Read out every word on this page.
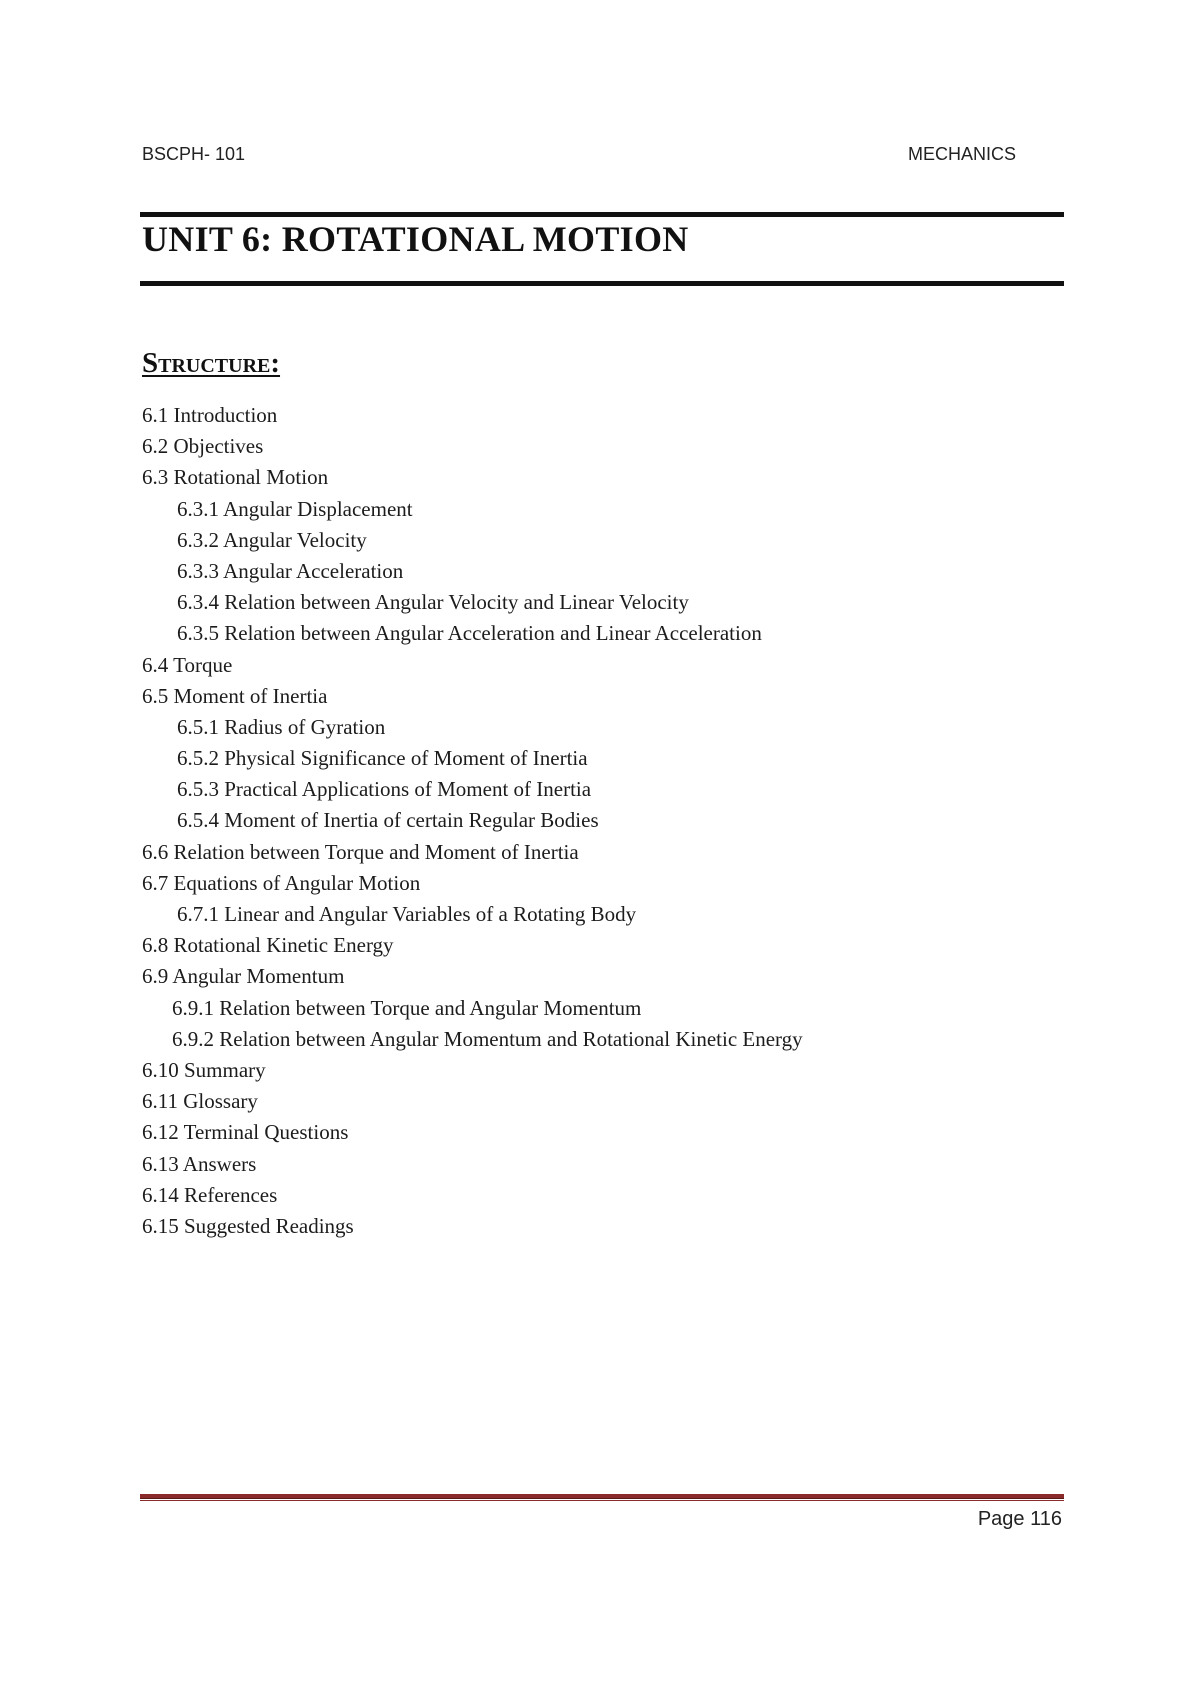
BSCPH- 101	MECHANICS
UNIT 6: ROTATIONAL MOTION
Structure:
6.1 Introduction
6.2 Objectives
6.3 Rotational Motion
6.3.1 Angular Displacement
6.3.2 Angular Velocity
6.3.3 Angular Acceleration
6.3.4 Relation between Angular Velocity and Linear Velocity
6.3.5 Relation between Angular Acceleration and Linear Acceleration
6.4 Torque
6.5 Moment of Inertia
6.5.1 Radius of Gyration
6.5.2 Physical Significance of Moment of Inertia
6.5.3 Practical Applications of Moment of Inertia
6.5.4 Moment of Inertia of certain Regular Bodies
6.6 Relation between Torque and Moment of Inertia
6.7 Equations of Angular Motion
6.7.1 Linear and Angular Variables of a Rotating Body
6.8 Rotational Kinetic Energy
6.9 Angular Momentum
6.9.1 Relation between Torque and Angular Momentum
6.9.2 Relation between Angular Momentum and Rotational Kinetic Energy
6.10 Summary
6.11 Glossary
6.12 Terminal Questions
6.13 Answers
6.14 References
6.15 Suggested Readings
Page 116
